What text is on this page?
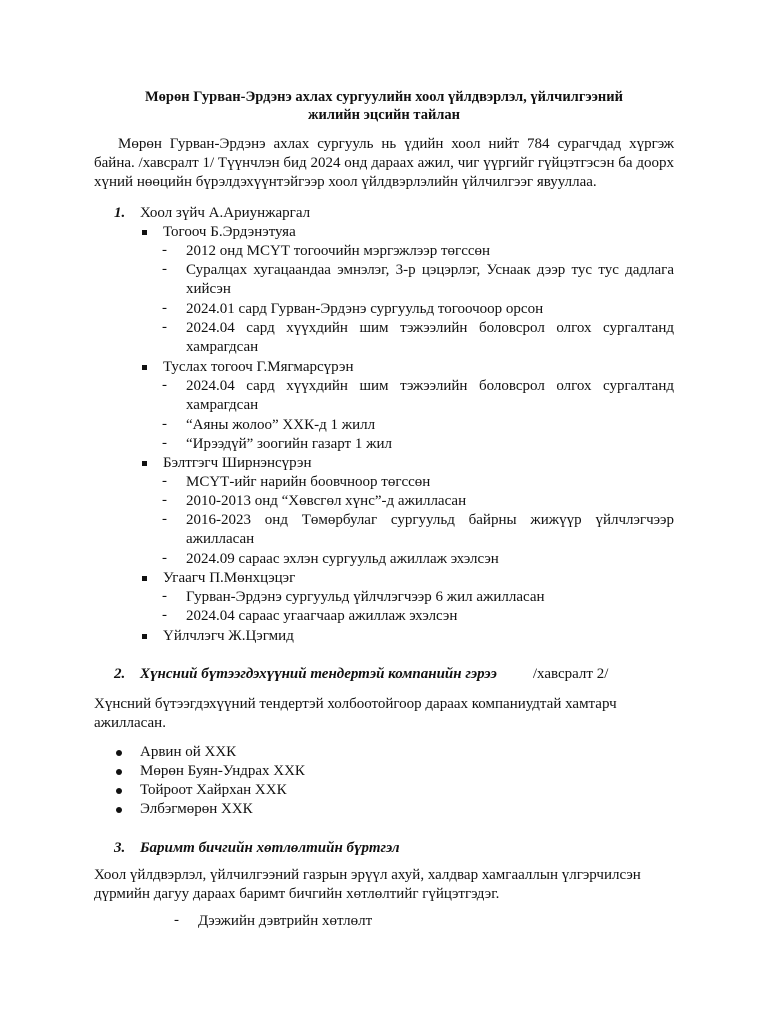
Мөрөн Гурван-Эрдэнэ ахлах сургуулийн хоол үйлдвэрлэл, үйлчилгээний
жилийн эцсийн тайлан
Мөрөн Гурван-Эрдэнэ ахлах сургууль нь үдийн хоол нийт 784 сурагчдад хүргэж байна. /хавсралт 1/ Түүнчлэн бид 2024 онд дараах ажил, чиг үүргийг гүйцэтгэсэн ба доорх хүний нөөцийн бүрэлдэхүүнтэйгээр хоол үйлдвэрлэлийн үйлчилгээг явууллаа.
1. Хоол зүйч А.Ариунжаргал
Тогооч Б.Эрдэнэтуяа
- 2012 онд МСҮТ тогоочийн мэргэжлээр төгссөн
- Суралцах хугацаандаа эмнэлэг, 3-р цэцэрлэг, Уснаак дээр тус тус дадлага хийсэн
- 2024.01 сард Гурван-Эрдэнэ сургуульд тогоочоор орсон
- 2024.04 сард хүүхдийн шим тэжээлийн боловсрол олгох сургалтанд хамрагдсан
Туслах тогооч Г.Мягмарсүрэн
- 2024.04 сард хүүхдийн шим тэжээлийн боловсрол олгох сургалтанд хамрагдсан
- “Аяны жолоо” ХХК-д 1 жилл
- “Ирээдүй” зоогийн газарт 1 жил
Бэлтгэгч Ширнэнсүрэн
- МСҮТ-ийг нарийн боовчноор төгссөн
- 2010-2013 онд “Хөвсгөл хүнс”-д ажилласан
- 2016-2023 онд Төмөрбулаг сургуульд байрны жижүүр үйлчлэгчээр ажилласан
- 2024.09 сараас эхлэн сургуульд ажиллаж эхэлсэн
Угаагч П.Мөнхцэцэг
- Гурван-Эрдэнэ сургуульд үйлчлэгчээр 6 жил ажилласан
- 2024.04 сараас угаагчаар ажиллаж эхэлсэн
Үйлчлэгч Ж.Цэгмид
2. Хүнсний бүтээгдэхүүний тендертэй компанийн гэрээ /хавсралт 2/
Хүнсний бүтээгдэхүүний тендертэй холбоотойгоор дараах компаниудтай хамтарч ажилласан.
Арвин ой ХХК
Мөрөн Буян-Ундрах ХХК
Тойроот Хайрхан ХХК
Элбэгмөрөн ХХК
3. Баримт бичгийн хөтлөлтийн бүртгэл
Хоол үйлдвэрлэл, үйлчилгээний газрын эрүүл ахуй, халдвар хамгааллын үлгэрчилсэн дүрмийн дагуу дараах баримт бичгийн хөтлөлтийг гүйцэтгэдэг.
- Дээжийн дэвтрийн хөтлөлт
